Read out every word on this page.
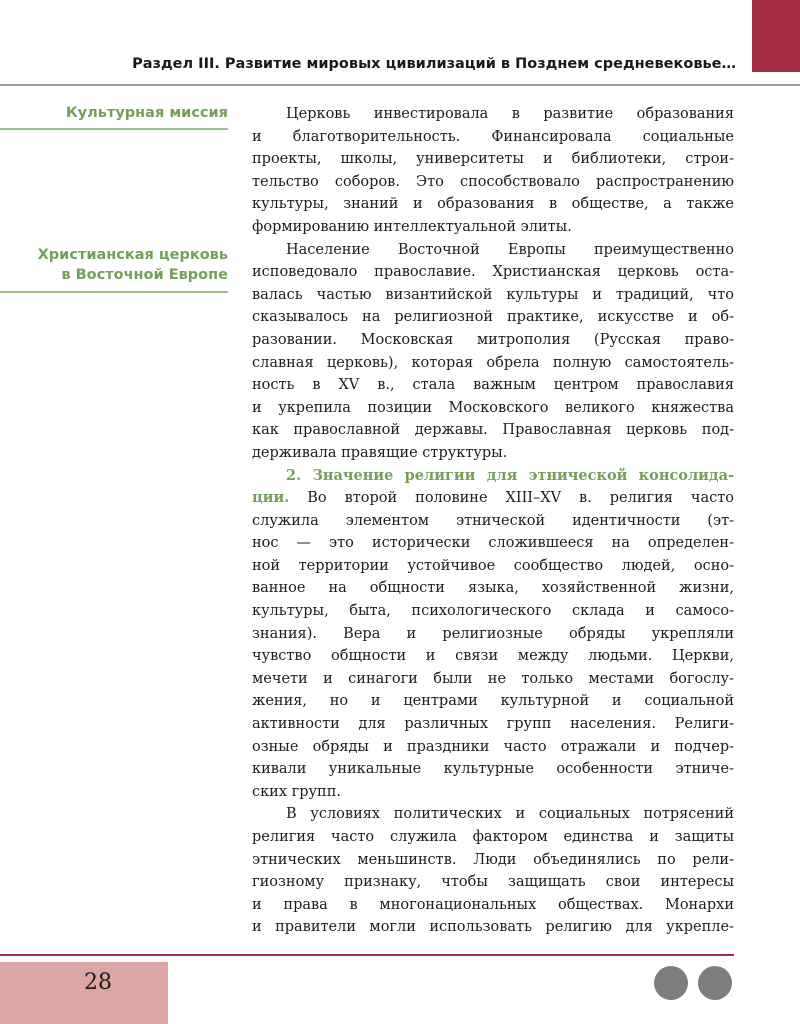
Раздел III. Развитие мировых цивилизаций в Позднем средневековье…
Культурная миссия
Христианская церковь
в Восточной Европе
Церковь инвестировала в развитие образования
и благотворительность. Финансировала социальные
проекты, школы, университеты и библиотеки, строи-
тельство соборов. Это способствовало распространению
культуры, знаний и образования в обществе, а также
формированию интеллектуальной элиты.
Население Восточной Европы преимущественно
исповедовало православие. Христианская церковь оста-
валась частью византийской культуры и традиций, что
сказывалось на религиозной практике, искусстве и об-
разовании. Московская митрополия (Русская право-
славная церковь), которая обрела полную самостоятель-
ность в XV в., стала важным центром православия
и укрепила позиции Московского великого княжества
как православной державы. Православная церковь под-
держивала правящие структуры.
2. Значение религии для этнической консолида-
ции. Во второй половине XIII–XV в. религия часто
служила элементом этнической идентичности (эт-
нос — это исторически сложившееся на определен-
ной территории устойчивое сообщество людей, осно-
ванное на общности языка, хозяйственной жизни,
культуры, быта, психологического склада и самосо-
знания). Вера и религиозные обряды укрепляли
чувство общности и связи между людьми. Церкви,
мечети и синагоги были не только местами богослу-
жения, но и центрами культурной и социальной
активности для различных групп населения. Религи-
озные обряды и праздники часто отражали и подчер-
кивали уникальные культурные особенности этниче-
ских групп.
В условиях политических и социальных потрясений
религия часто служила фактором единства и защиты
этнических меньшинств. Люди объединялись по рели-
гиозному признаку, чтобы защищать свои интересы
и права в многонациональных обществах. Монархи
и правители могли использовать религию для укрепле-
28
